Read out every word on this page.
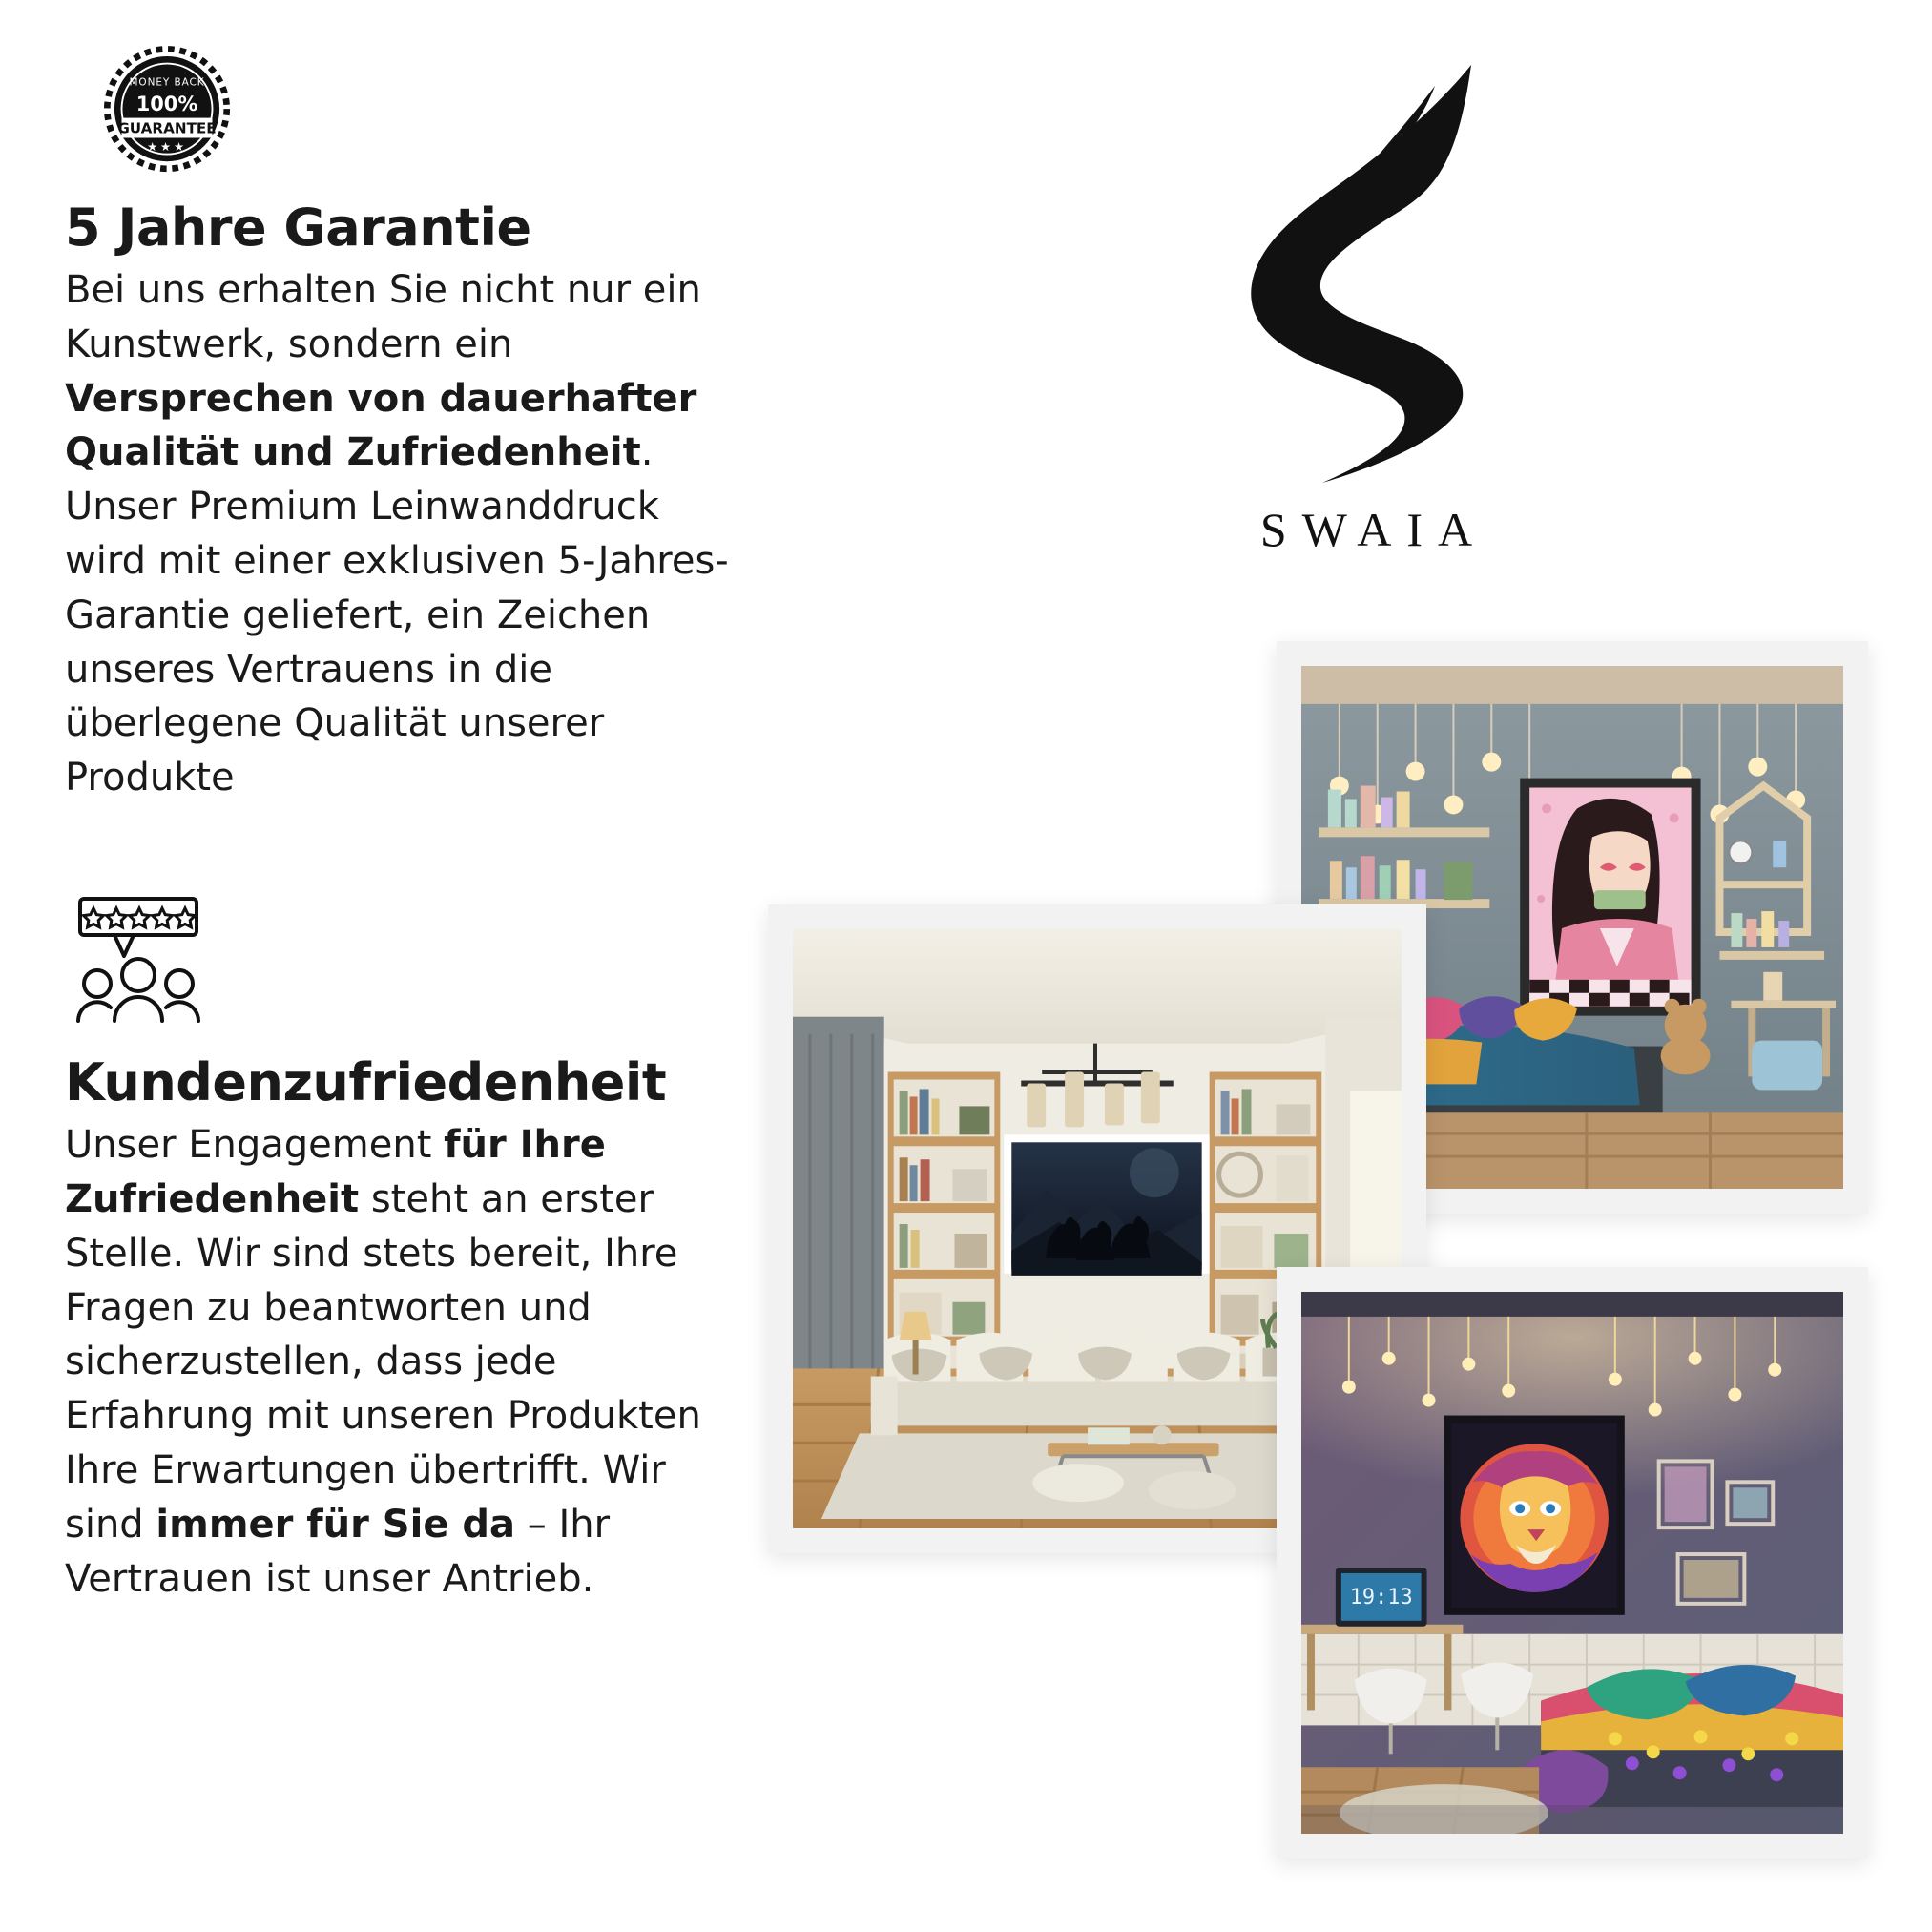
MONEY BACK
100%
GUARANTEE
★★★
5 Jahre Garantie

Bei uns erhalten Sie nicht nur ein Kunstwerk, sondern ein Versprechen von dauerhafter Qualität und Zufriedenheit. Unser Premium Leinwanddruck wird mit einer exklusiven 5-Jahres-Garantie geliefert, ein Zeichen unseres Vertrauens in die überlegene Qualität unserer Produkte

Kundenzufriedenheit

Unser Engagement für Ihre Zufriedenheit steht an erster Stelle. Wir sind stets bereit, Ihre Fragen zu beantworten und sicherzustellen, dass jede Erfahrung mit unseren Produkten Ihre Erwartungen übertrifft. Wir sind immer für Sie da – Ihr Vertrauen ist unser Antrieb.

SWAIA
19:13
